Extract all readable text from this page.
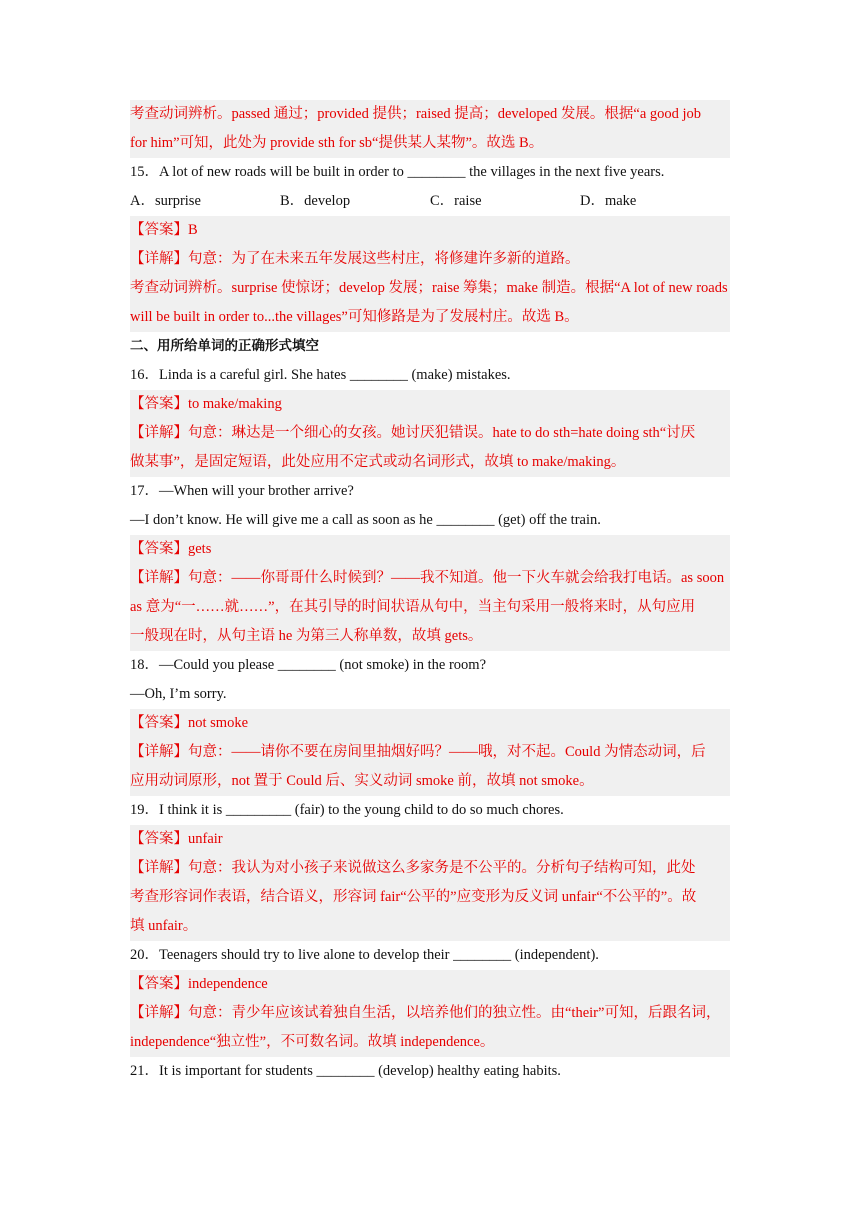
考查动词辨析。passed 通过；provided 提供；raised 提高；developed 发展。根据“a good job
for him”可知，此处为 provide sth for sb“提供某人某物”。故选 B。
15．A lot of new roads will be built in order to ________ the villages in the next five years.
A．surprise	B．develop	C．raise	D．make
【答案】B
【详解】句意：为了在未来五年发展这些村庄，将修建许多新的道路。
考查动词辨析。surprise 使惊讶；develop 发展；raise 筹集；make 制造。根据“A lot of new roads
will be built in order to...the villages”可知修路是为了发展村庄。故选 B。
二、用所给单词的正确形式填空
16．Linda is a careful girl. She hates ________ (make) mistakes.
【答案】to make/making
【详解】句意：琳达是一个细心的女孩。她讨厌犯错误。hate to do sth=hate doing sth“讨厌
做某事”，是固定短语，此处应用不定式或动名词形式，故填 to make/making。
17．—When will your brother arrive?
—I don’t know. He will give me a call as soon as he ________ (get) off the train.
【答案】gets
【详解】句意：——你哥哥什么时候到？——我不知道。他一下火车就会给我打电话。as soon
as 意为“一……就……”，在其引导的时间状语从句中，当主句采用一般将来时，从句应用
一般现在时，从句主语 he 为第三人称单数，故填 gets。
18．—Could you please ________ (not smoke) in the room?
—Oh, I’m sorry.
【答案】not smoke
【详解】句意：——请你不要在房间里抽烟好吗？——哦，对不起。Could 为情态动词，后
应用动词原形，not 置于 Could 后、实义动词 smoke 前，故填 not smoke。
19．I think it is _________ (fair) to the young child to do so much chores.
【答案】unfair
【详解】句意：我认为对小孩子来说做这么多家务是不公平的。分析句子结构可知，此处
考查形容词作表语，结合语义，形容词 fair“公平的”应变形为反义词 unfair“不公平的”。故
填 unfair。
20．Teenagers should try to live alone to develop their ________ (independent).
【答案】independence
【详解】句意：青少年应该试着独自生活，以培养他们的独立性。由“their”可知，后跟名词，
independence“独立性”，不可数名词。故填 independence。
21．It is important for students ________ (develop) healthy eating habits.
